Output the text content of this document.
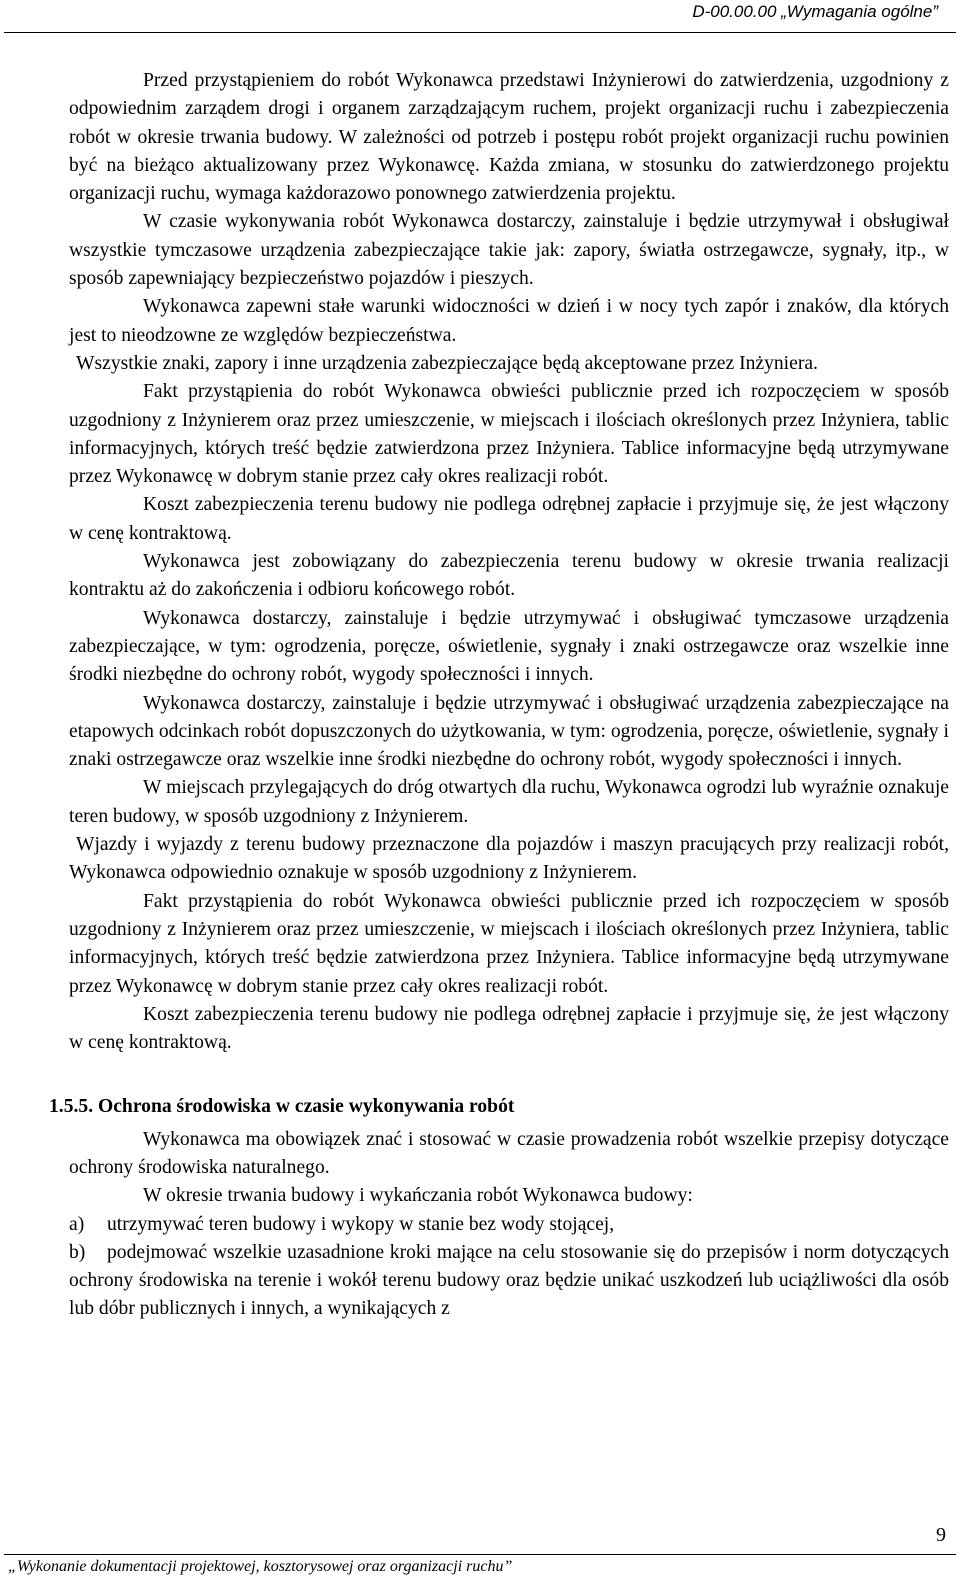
D-00.00.00 „Wymagania ogólne”

Przed przystąpieniem do robót Wykonawca przedstawi Inżynierowi do zatwierdzenia, uzgodniony z odpowiednim zarządem drogi i organem zarządzającym ruchem, projekt organizacji ruchu i zabezpieczenia robót w okresie trwania budowy. W zależności od potrzeb i postępu robót projekt organizacji ruchu powinien być na bieżąco aktualizowany przez Wykonawcę. Każda zmiana, w stosunku do zatwierdzonego projektu organizacji ruchu, wymaga każdorazowo ponownego zatwierdzenia projektu.

W czasie wykonywania robót Wykonawca dostarczy, zainstaluje i będzie utrzymywał i obsługiwał wszystkie tymczasowe urządzenia zabezpieczające takie jak: zapory, światła ostrzegawcze, sygnały, itp., w sposób zapewniający bezpieczeństwo pojazdów i pieszych.

Wykonawca zapewni stałe warunki widoczności w dzień i w nocy tych zapór i znaków, dla których jest to nieodzowne ze względów bezpieczeństwa.

Wszystkie znaki, zapory i inne urządzenia zabezpieczające będą akceptowane przez Inżyniera.

Fakt przystąpienia do robót Wykonawca obwieści publicznie przed ich rozpoczęciem w sposób uzgodniony z Inżynierem oraz przez umieszczenie, w miejscach i ilościach określonych przez Inżyniera, tablic informacyjnych, których treść będzie zatwierdzona przez Inżyniera. Tablice informacyjne będą utrzymywane przez Wykonawcę w dobrym stanie przez cały okres realizacji robót.

Koszt zabezpieczenia terenu budowy nie podlega odrębnej zapłacie i przyjmuje się, że jest włączony w cenę kontraktową.

Wykonawca jest zobowiązany do zabezpieczenia terenu budowy w okresie trwania realizacji kontraktu aż do zakończenia i odbioru końcowego robót.

Wykonawca dostarczy, zainstaluje i będzie utrzymywać i obsługiwać tymczasowe urządzenia zabezpieczające, w tym: ogrodzenia, poręcze, oświetlenie, sygnały i znaki ostrzegawcze oraz wszelkie inne środki niezbędne do ochrony robót, wygody społeczności i innych.

Wykonawca dostarczy, zainstaluje i będzie utrzymywać i obsługiwać urządzenia zabezpieczające na etapowych odcinkach robót dopuszczonych do użytkowania, w tym: ogrodzenia, poręcze, oświetlenie, sygnały i znaki ostrzegawcze oraz wszelkie inne środki niezbędne do ochrony robót, wygody społeczności i innych.

W miejscach przylegających do dróg otwartych dla ruchu, Wykonawca ogrodzi lub wyraźnie oznakuje teren budowy, w sposób uzgodniony z Inżynierem.

Wjazdy i wyjazdy z terenu budowy przeznaczone dla pojazdów i maszyn pracujących przy realizacji robót, Wykonawca odpowiednio oznakuje w sposób uzgodniony z Inżynierem.

Fakt przystąpienia do robót Wykonawca obwieści publicznie przed ich rozpoczęciem w sposób uzgodniony z Inżynierem oraz przez umieszczenie, w miejscach i ilościach określonych przez Inżyniera, tablic informacyjnych, których treść będzie zatwierdzona przez Inżyniera. Tablice informacyjne będą utrzymywane przez Wykonawcę w dobrym stanie przez cały okres realizacji robót.

Koszt zabezpieczenia terenu budowy nie podlega odrębnej zapłacie i przyjmuje się, że jest włączony w cenę kontraktową.

1.5.5. Ochrona środowiska w czasie wykonywania robót

Wykonawca ma obowiązek znać i stosować w czasie prowadzenia robót wszelkie przepisy dotyczące ochrony środowiska naturalnego.

W okresie trwania budowy i wykańczania robót Wykonawca budowy:

a) utrzymywać teren budowy i wykopy w stanie bez wody stojącej,

b) podejmować wszelkie uzasadnione kroki mające na celu stosowanie się do przepisów i norm dotyczących ochrony środowiska na terenie i wokół terenu budowy oraz będzie unikać uszkodzeń lub uciążliwości dla osób lub dóbr publicznych i innych, a wynikających z

9
„Wykonanie dokumentacji projektowej, kosztorysowej oraz organizacji ruchu”
